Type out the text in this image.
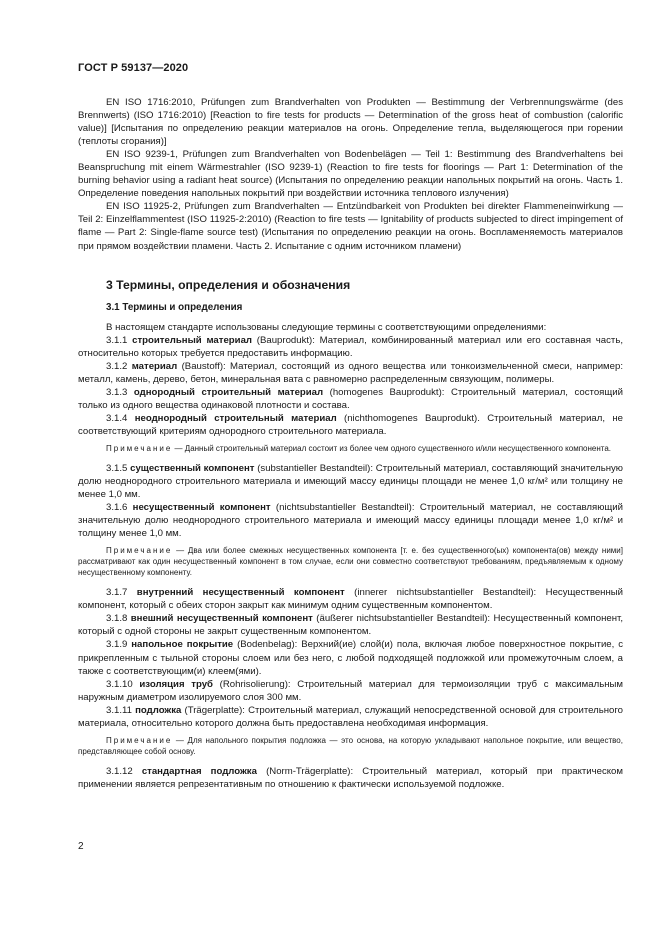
ГОСТ Р 59137—2020

EN ISO 1716:2010, Prüfungen zum Brandverhalten von Produkten — Bestimmung der Verbrennungswärme (des Brennwerts) (ISO 1716:2010) [Reaction to fire tests for products — Determination of the gross heat of combustion (calorific value)] [Испытания по определению реакции материалов на огонь. Определение тепла, выделяющегося при горении (теплоты сгорания)]

EN ISO 9239-1, Prüfungen zum Brandverhalten von Bodenbelägen — Teil 1: Bestimmung des Brandverhaltens bei Beanspruchung mit einem Wärmestrahler (ISO 9239-1) (Reaction to fire tests for floorings — Part 1: Determination of the burning behavior using a radiant heat source) (Испытания по определению реакции напольных покрытий на огонь. Часть 1. Определение поведения напольных покрытий при воздействии источника теплового излучения)

EN ISO 11925-2, Prüfungen zum Brandverhalten — Entzündbarkeit von Produkten bei direkter Flammeneinwirkung — Teil 2: Einzelflammentest (ISO 11925-2:2010) (Reaction to fire tests — Ignitability of products subjected to direct impingement of flame — Part 2: Single-flame source test) (Испытания по определению реакции на огонь. Воспламеняемость материалов при прямом воздействии пламени. Часть 2. Испытание с одним источником пламени)

3 Термины, определения и обозначения
3.1 Термины и определения

В настоящем стандарте использованы следующие термины с соответствующими определениями:

3.1.1 строительный материал (Bauprodukt): Материал, комбинированный материал или его составная часть, относительно которых требуется предоставить информацию.

3.1.2 материал (Baustoff): Материал, состоящий из одного вещества или тонкоизмельченной смеси, например: металл, камень, дерево, бетон, минеральная вата с равномерно распределенным связующим, полимеры.

3.1.3 однородный строительный материал (homogenes Bauprodukt): Строительный материал, состоящий только из одного вещества одинаковой плотности и состава.

3.1.4 неоднородный строительный материал (nichthomogenes Bauprodukt). Строительный материал, не соответствующий критериям однородного строительного материала.

Примечание — Данный строительный материал состоит из более чем одного существенного и/или несущественного компонента.

3.1.5 существенный компонент (substantieller Bestandteil): Строительный материал, составляющий значительную долю неоднородного строительного материала и имеющий массу единицы площади не менее 1,0 кг/м² или толщину не менее 1,0 мм.

3.1.6 несущественный компонент (nichtsubstantieller Bestandteil): Строительный материал, не составляющий значительную долю неоднородного строительного материала и имеющий массу единицы площади менее 1,0 кг/м² и толщину менее 1,0 мм.

Примечание — Два или более смежных несущественных компонента [т. е. без существенного(ых) компонента(ов) между ними] рассматривают как один несущественный компонент в том случае, если они совместно соответствуют требованиям, предъявляемым к одному несущественному компоненту.

3.1.7 внутренний несущественный компонент (innerer nichtsubstantieller Bestandteil): Несущественный компонент, который с обеих сторон закрыт как минимум одним существенным компонентом.

3.1.8 внешний несущественный компонент (äußerer nichtsubstantieller Bestandteil): Несущественный компонент, который с одной стороны не закрыт существенным компонентом.

3.1.9 напольное покрытие (Bodenbelag): Верхний(ие) слой(и) пола, включая любое поверхностное покрытие, с прикрепленным с тыльной стороны слоем или без него, с любой подходящей подложкой или промежуточным слоем, а также с соответствующим(и) клеем(ями).

3.1.10 изоляция труб (Rohrisolierung): Строительный материал для термоизоляции труб с максимальным наружным диаметром изолируемого слоя 300 мм.

3.1.11 подложка (Trägerplatte): Строительный материал, служащий непосредственной основой для строительного материала, относительно которого должна быть предоставлена необходимая информация.

Примечание — Для напольного покрытия подложка — это основа, на которую укладывают напольное покрытие, или вещество, представляющее собой основу.

3.1.12 стандартная подложка (Norm-Trägerplatte): Строительный материал, который при практическом применении является репрезентативным по отношению к фактически используемой подложке.

2
